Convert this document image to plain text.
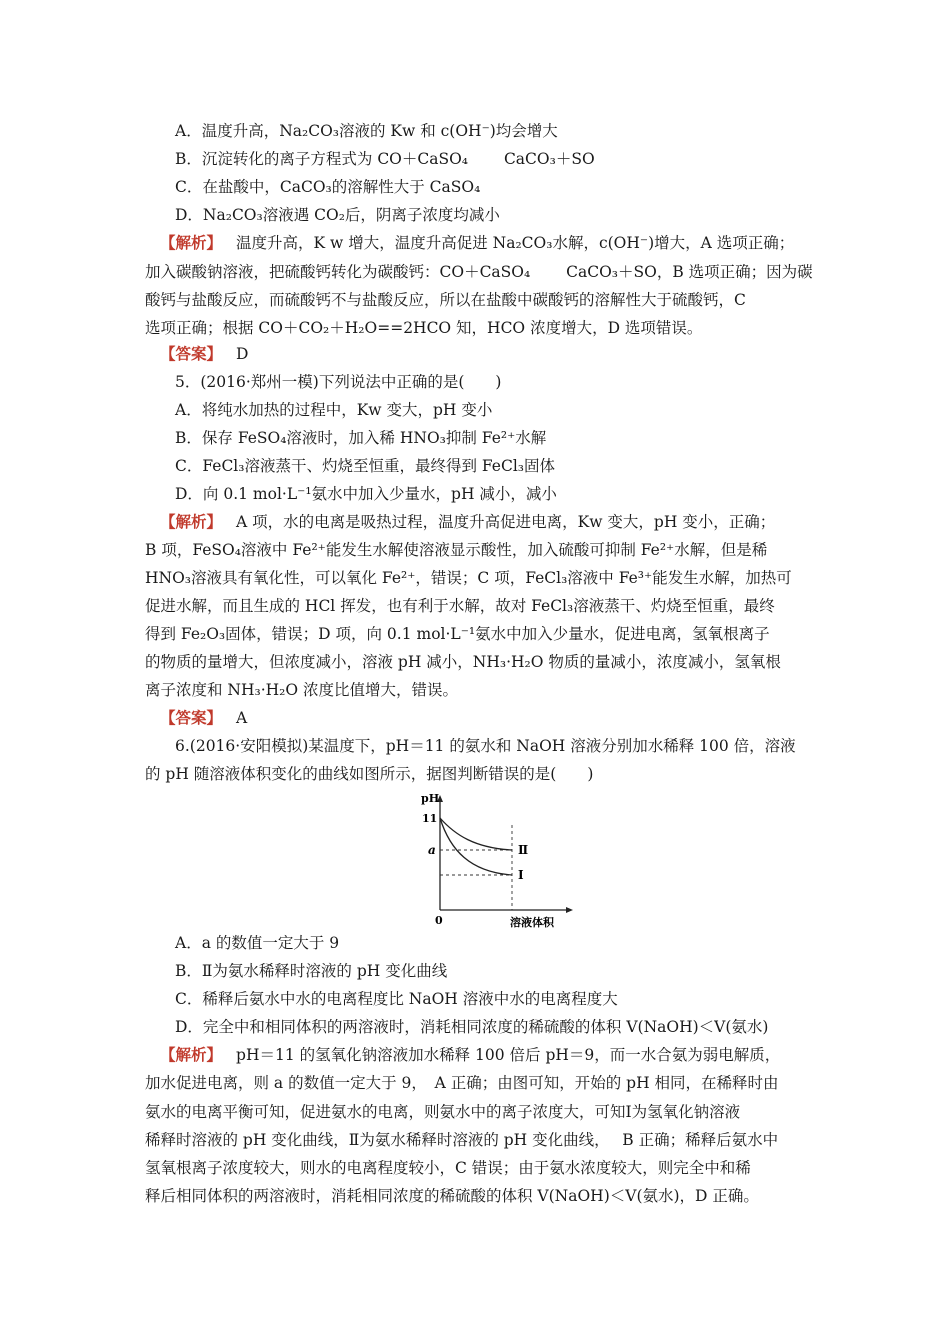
A．温度升高，Na₂CO₃溶液的 Kw 和 c(OH⁻)均会增大
B．沉淀转化的离子方程式为 CO＋CaSO₄　　 CaCO₃＋SO
C．在盐酸中，CaCO₃的溶解性大于 CaSO₄
D．Na₂CO₃溶液遇 CO₂后，阴离子浓度均减小
【解析】 温度升高，K w 增大，温度升高促进 Na₂CO₃水解，c(OH⁻)增大，A 选项正确；
加入碳酸钠溶液，把硫酸钙转化为碳酸钙：CO＋CaSO₄　　 CaCO₃＋SO，B 选项正确；因为碳
酸钙与盐酸反应，而硫酸钙不与盐酸反应，所以在盐酸中碳酸钙的溶解性大于硫酸钙，C
选项正确；根据 CO＋CO₂＋H₂O==2HCO 知，HCO 浓度增大，D 选项错误。
【答案】 D
5．(2016·郑州一模)下列说法中正确的是(　　)
A．将纯水加热的过程中，Kw 变大，pH 变小
B．保存 FeSO₄溶液时，加入稀 HNO₃抑制 Fe²⁺水解
C．FeCl₃溶液蒸干、灼烧至恒重，最终得到 FeCl₃固体
D．向 0.1 mol·L⁻¹氨水中加入少量水，pH 减小，减小
【解析】 A 项，水的电离是吸热过程，温度升高促进电离，Kw 变大，pH 变小，正确；
B 项，FeSO₄溶液中 Fe²⁺能发生水解使溶液显示酸性，加入硫酸可抑制 Fe²⁺水解，但是稀
HNO₃溶液具有氧化性，可以氧化 Fe²⁺，错误；C 项，FeCl₃溶液中 Fe³⁺能发生水解，加热可
促进水解，而且生成的 HCl 挥发，也有利于水解，故对 FeCl₃溶液蒸干、灼烧至恒重，最终
得到 Fe₂O₃固体，错误；D 项，向 0.1 mol·L⁻¹氨水中加入少量水，促进电离，氢氧根离子
的物质的量增大，但浓度减小，溶液 pH 减小，NH₃·H₂O 物质的量减小，浓度减小，氢氧根
离子浓度和 NH₃·H₂O 浓度比值增大，错误。
【答案】 A
6.(2016·安阳模拟)某温度下，pH＝11 的氨水和 NaOH 溶液分别加水稀释 100 倍，溶液
的 pH 随溶液体积变化的曲线如图所示，据图判断错误的是(　　)
pH
11
a	Ⅱ
Ⅰ
0	溶液体积
A．a 的数值一定大于 9
B．Ⅱ为氨水稀释时溶液的 pH 变化曲线
C．稀释后氨水中水的电离程度比 NaOH 溶液中水的电离程度大
D．完全中和相同体积的两溶液时，消耗相同浓度的稀硫酸的体积 V(NaOH)＜V(氨水)
【解析】 pH＝11 的氢氧化钠溶液加水稀释 100 倍后 pH＝9，而一水合氨为弱电解质，
加水促进电离，则 a 的数值一定大于 9，　A 正确；由图可知，开始的 pH 相同，在稀释时由
氨水的电离平衡可知，促进氨水的电离，则氨水中的离子浓度大，可知Ⅰ为氢氧化钠溶液
稀释时溶液的 pH 变化曲线，Ⅱ为氨水稀释时溶液的 pH 变化曲线，　 B 正确；稀释后氨水中
氢氧根离子浓度较大，则水的电离程度较小，C 错误；由于氨水浓度较大，则完全中和稀
释后相同体积的两溶液时，消耗相同浓度的稀硫酸的体积 V(NaOH)＜V(氨水)，D 正确。
